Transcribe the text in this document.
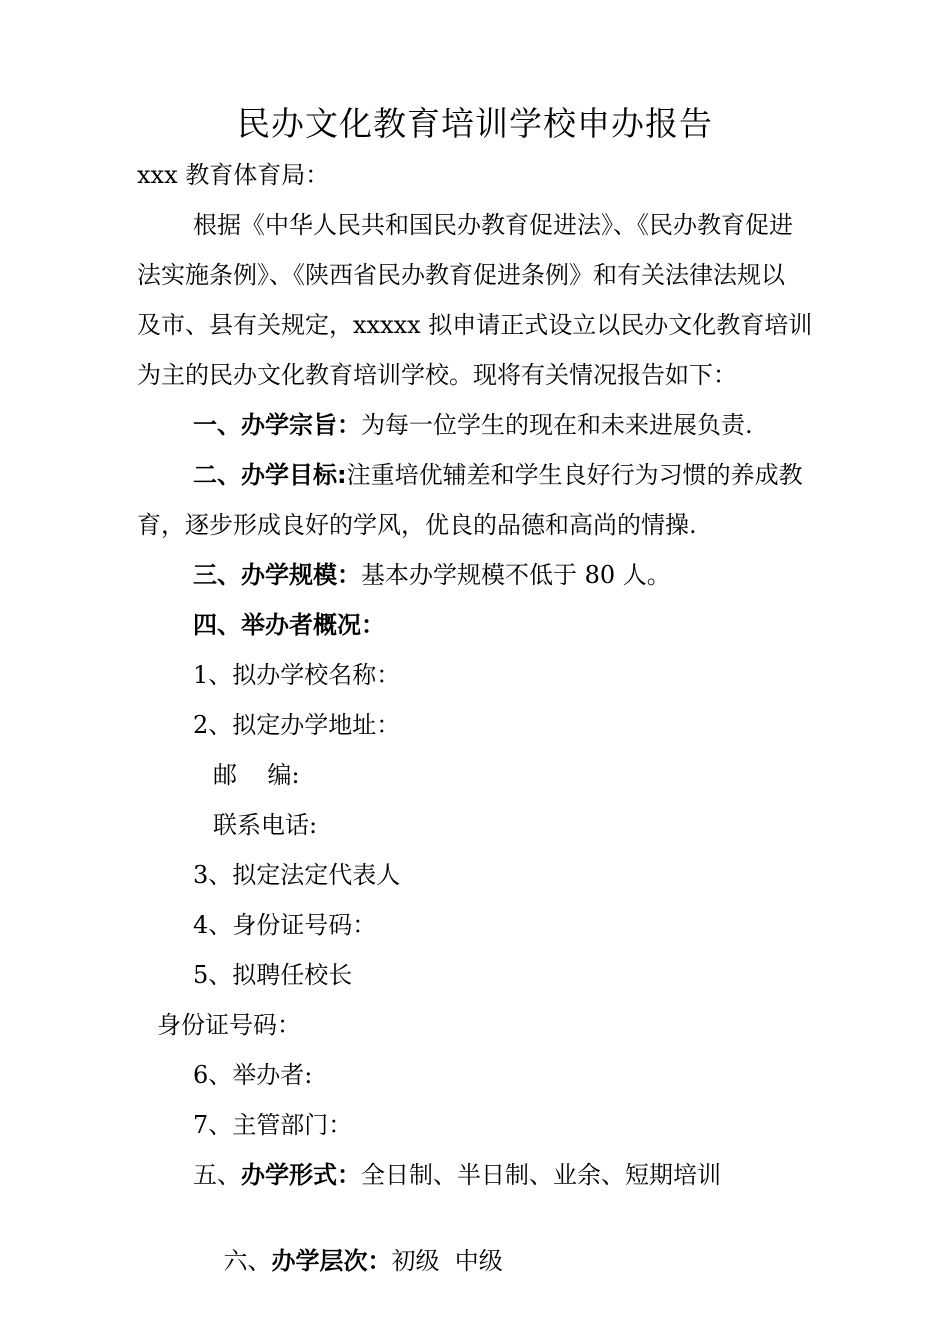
民办文化教育培训学校申办报告
xxx 教育体育局：
根据《中华人民共和国民办教育促进法》、《民办教育促进
法实施条例》、《陕西省民办教育促进条例》和有关法律法规以
及市、县有关规定，xxxxx 拟申请正式设立以民办文化教育培训
为主的民办文化教育培训学校。现将有关情况报告如下：
一、办学宗旨：为每一位学生的现在和未来进展负责.
二、办学目标:注重培优辅差和学生良好行为习惯的养成教
育，逐步形成良好的学风，优良的品德和高尚的情操.
三、办学规模：基本办学规模不低于 80 人。
四、举办者概况：
1、拟办学校名称：
2、拟定办学地址：
邮    编:
联系电话:
3、拟定法定代表人
4、身份证号码：
5、拟聘任校长
身份证号码：
6、举办者:
7、主管部门：
五、办学形式：全日制、半日制、业余、短期培训

六、办学层次：初级  中级
